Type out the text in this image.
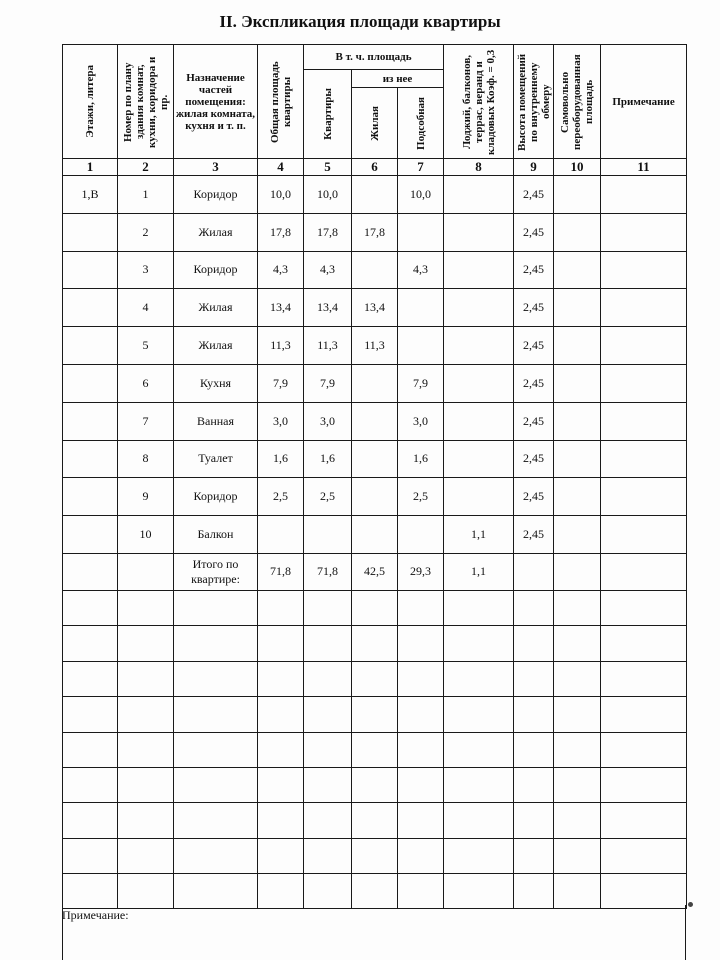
II. Экспликация площади квартиры
Этажи, литера	Номер по плану здания комнат, кухни, коридора и пр.	Назначение частей помещения: жилая комната, кухня и т. п.	Общая площадь квартиры	В т. ч. площадь			Лоджий, балконов, террас, веранд и кладовых Коэф. = 0,3	Высота помещений по внутреннему обмеру	Самовольно переоборудованная площадь	Примечание

				Квартиры	из нее					

					Жилая	Подсобная				

1	2	3	4	5	6	7	8	9	10	11
1,В	1	Коридор	10,0	10,0		10,0		2,45		
	2	Жилая	17,8	17,8	17,8			2,45		
	3	Коридор	4,3	4,3		4,3		2,45		
	4	Жилая	13,4	13,4	13,4			2,45		
	5	Жилая	11,3	11,3	11,3			2,45		
	6	Кухня	7,9	7,9		7,9		2,45		
	7	Ванная	3,0	3,0		3,0		2,45		
	8	Туалет	1,6	1,6		1,6		2,45		
	9	Коридор	2,5	2,5		2,5		2,45		
	10	Балкон					1,1	2,45		
		Итого по квартире:	71,8	71,8	42,5	29,3	1,1			

Примечание:
